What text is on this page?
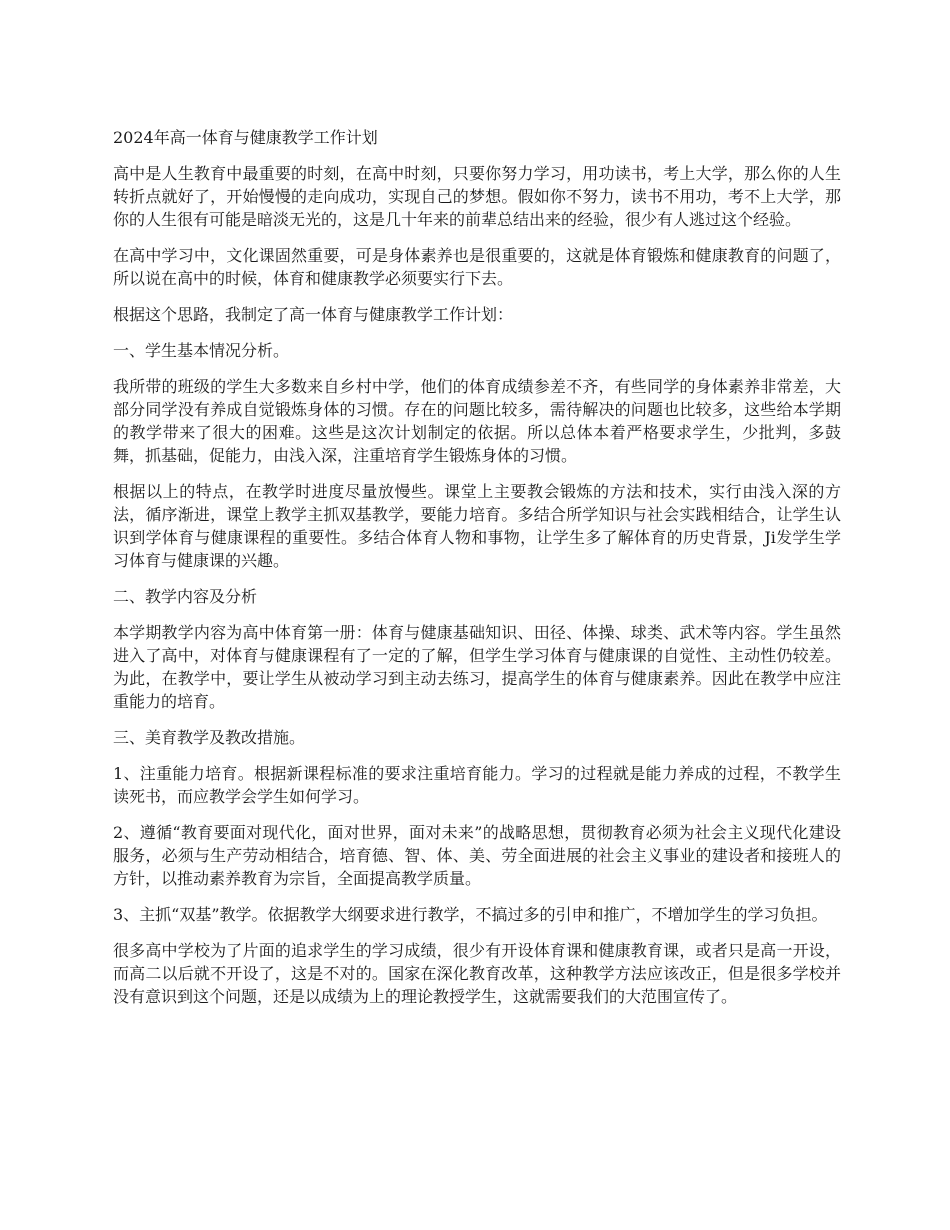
2024年高一体育与健康教学工作计划

高中是人生教育中最重要的时刻，在高中时刻，只要你努力学习，用功读书，考上大学，那么你的人生转折点就好了，开始慢慢的走向成功，实现自己的梦想。假如你不努力，读书不用功，考不上大学，那你的人生很有可能是暗淡无光的，这是几十年来的前辈总结出来的经验，很少有人逃过这个经验。

在高中学习中，文化课固然重要，可是身体素养也是很重要的，这就是体育锻炼和健康教育的问题了，所以说在高中的时候，体育和健康教学必须要实行下去。

根据这个思路，我制定了高一体育与健康教学工作计划：

一、学生基本情况分析。

我所带的班级的学生大多数来自乡村中学，他们的体育成绩参差不齐，有些同学的身体素养非常差，大部分同学没有养成自觉锻炼身体的习惯。存在的问题比较多，需待解决的问题也比较多，这些给本学期的教学带来了很大的困难。这些是这次计划制定的依据。所以总体本着严格要求学生，少批判，多鼓舞，抓基础，促能力，由浅入深，注重培育学生锻炼身体的习惯。

根据以上的特点，在教学时进度尽量放慢些。课堂上主要教会锻炼的方法和技术，实行由浅入深的方法，循序渐进，课堂上教学主抓双基教学，要能力培育。多结合所学知识与社会实践相结合，让学生认识到学体育与健康课程的重要性。多结合体育人物和事物，让学生多了解体育的历史背景，Ji发学生学习体育与健康课的兴趣。

二、教学内容及分析

本学期教学内容为高中体育第一册：体育与健康基础知识、田径、体操、球类、武术等内容。学生虽然进入了高中，对体育与健康课程有了一定的了解，但学生学习体育与健康课的自觉性、主动性仍较差。为此，在教学中，要让学生从被动学习到主动去练习，提高学生的体育与健康素养。因此在教学中应注重能力的培育。

三、美育教学及教改措施。

1、注重能力培育。根据新课程标准的要求注重培育能力。学习的过程就是能力养成的过程，不教学生读死书，而应教学会学生如何学习。

2、遵循“教育要面对现代化，面对世界，面对未来”的战略思想，贯彻教育必须为社会主义现代化建设服务，必须与生产劳动相结合，培育德、智、体、美、劳全面进展的社会主义事业的建设者和接班人的方针，以推动素养教育为宗旨，全面提高教学质量。

3、主抓“双基”教学。依据教学大纲要求进行教学，不搞过多的引申和推广，不增加学生的学习负担。

很多高中学校为了片面的追求学生的学习成绩，很少有开设体育课和健康教育课，或者只是高一开设，而高二以后就不开设了，这是不对的。国家在深化教育改革，这种教学方法应该改正，但是很多学校并没有意识到这个问题，还是以成绩为上的理论教授学生，这就需要我们的大范围宣传了。
